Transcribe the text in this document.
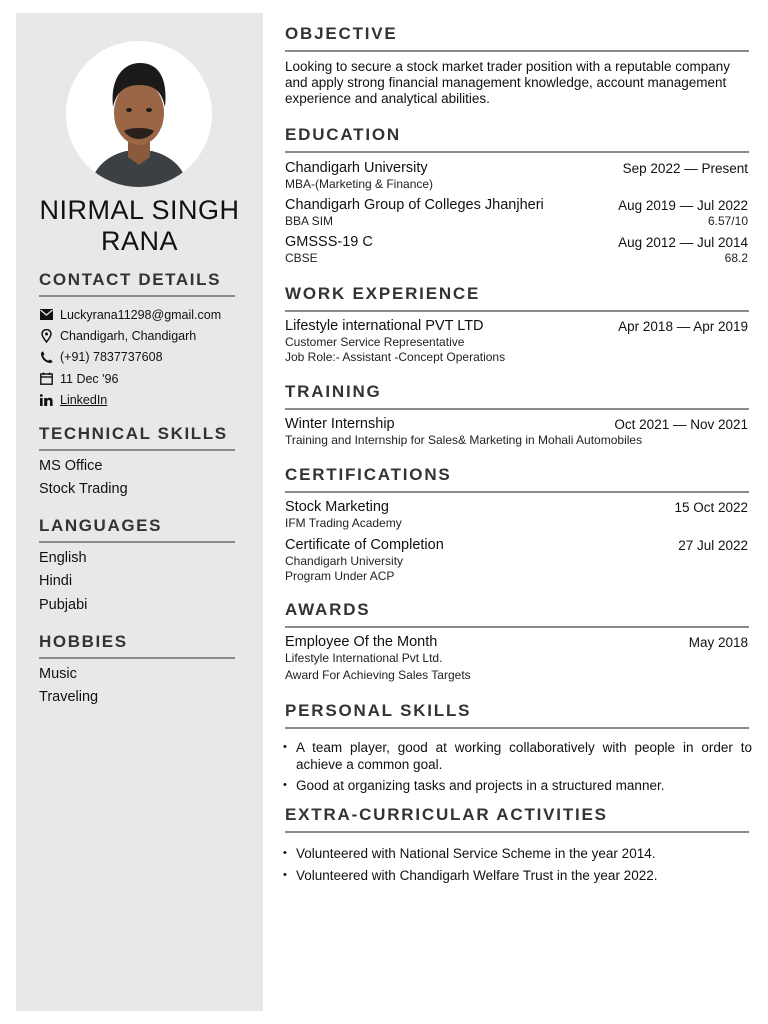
NIRMAL SINGH RANA
CONTACT DETAILS
Luckyrana11298@gmail.com
Chandigarh, Chandigarh
(+91) 7837737608
11 Dec '96
LinkedIn
TECHNICAL SKILLS
MS Office
Stock Trading
LANGUAGES
English
Hindi
Pubjabi
HOBBIES
Music
Traveling
OBJECTIVE
Looking to secure a stock market trader position with a reputable company and apply strong financial management knowledge, account management experience and analytical abilities.
EDUCATION
Chandigarh University	Sep 2022 — Present
MBA-(Marketing & Finance)
Chandigarh Group of Colleges Jhanjheri	Aug 2019 — Jul 2022
BBA SIM	6.57/10
GMSSS-19 C	Aug 2012 — Jul 2014
CBSE	68.2
WORK EXPERIENCE
Lifestyle international PVT LTD	Apr 2018 — Apr 2019
Customer Service Representative
Job Role:- Assistant -Concept Operations
TRAINING
Winter Internship	Oct 2021 — Nov 2021
Training and Internship for Sales& Marketing in Mohali Automobiles
CERTIFICATIONS
Stock Marketing	15 Oct 2022
IFM Trading Academy
Certificate of Completion	27 Jul 2022
Chandigarh University
Program Under ACP
AWARDS
Employee Of the Month	May 2018
Lifestyle International Pvt Ltd.
Award For Achieving Sales Targets
PERSONAL SKILLS
• A team player, good at working collaboratively with people in order to achieve a common goal.
• Good at organizing tasks and projects in a structured manner.
EXTRA-CURRICULAR ACTIVITIES
• Volunteered with National Service Scheme in the year 2014.
• Volunteered with Chandigarh Welfare Trust in the year 2022.
